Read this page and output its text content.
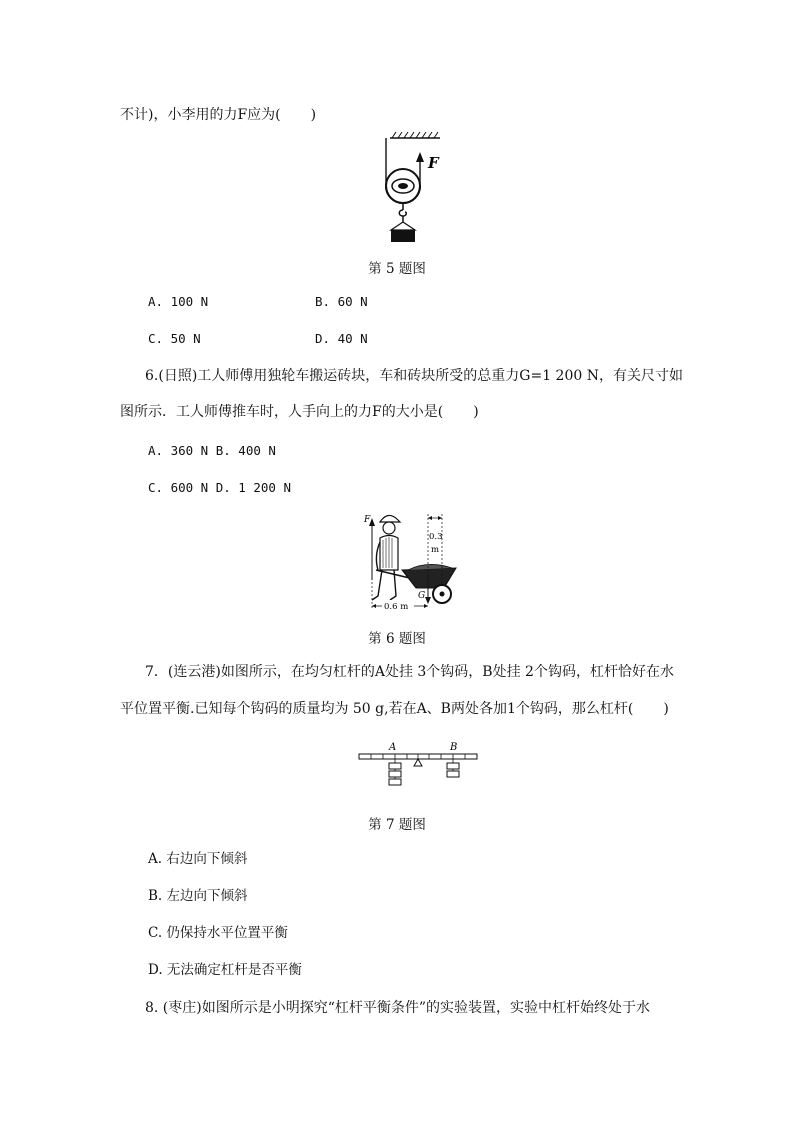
不计)，小李用的力F应为( )
F
第 5 题图
A. 100 N	B. 60 N
C. 50 N	D. 40 N
6.(日照)工人师傅用独轮车搬运砖块，车和砖块所受的总重力G=1 200 N，有关尺寸如
图所示．工人师傅推车时，人手向上的力F的大小是( )
A. 360 N B. 400 N
C. 600 N D. 1 200 N
F
G
0.3
m
0.6 m
第 6 题图
7．(连云港)如图所示，在均匀杠杆的A处挂 3个钩码，B处挂 2个钩码，杠杆恰好在水
平位置平衡.已知每个钩码的质量均为 50 g,若在A、B两处各加1个钩码，那么杠杆( )
A	B
第 7 题图
A. 右边向下倾斜
B. 左边向下倾斜
C. 仍保持水平位置平衡
D. 无法确定杠杆是否平衡
8. (枣庄)如图所示是小明探究“杠杆平衡条件”的实验装置，实验中杠杆始终处于水
